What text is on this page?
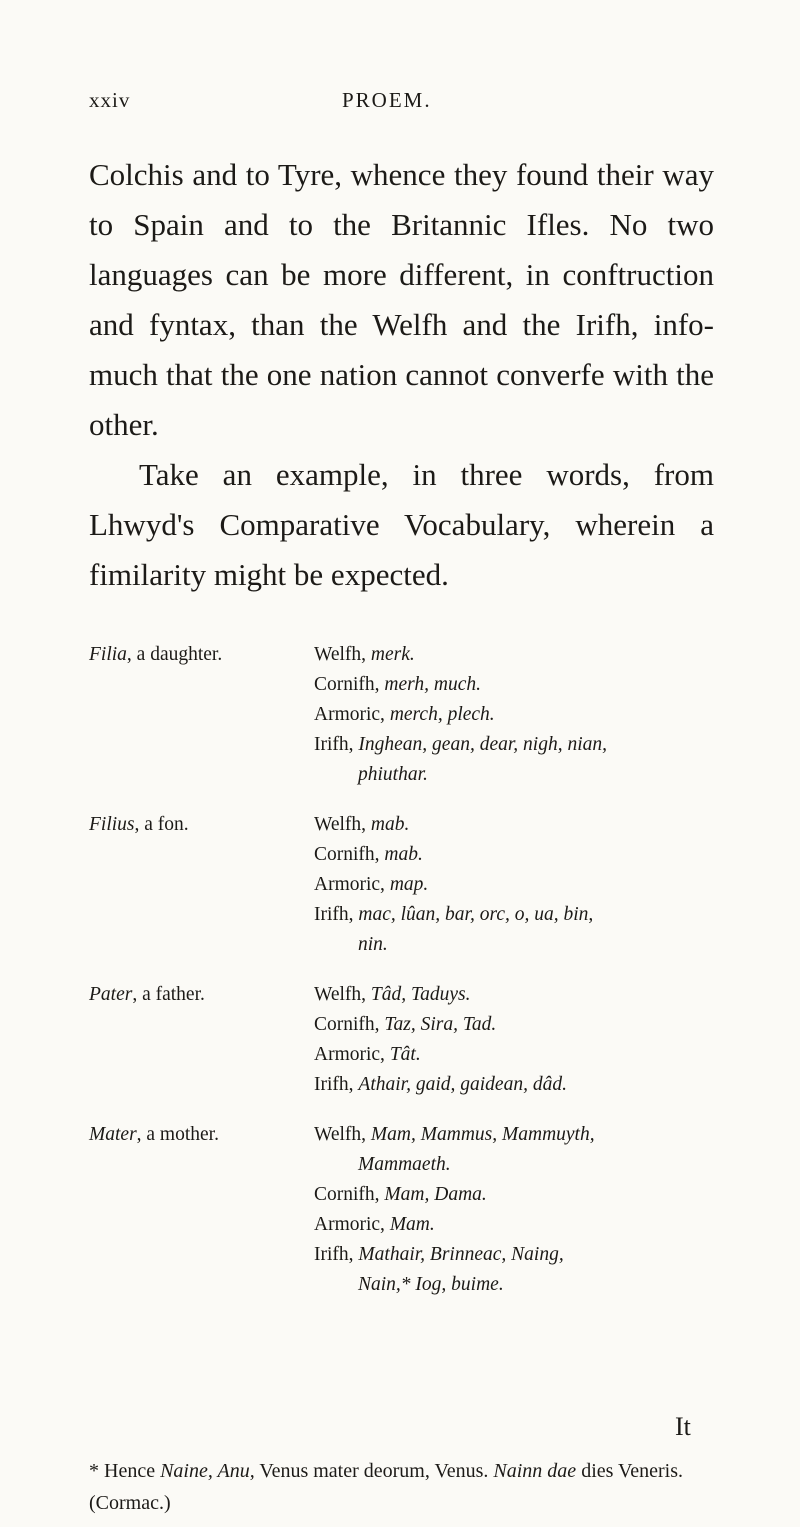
xxiv	PROEM.

Colchis and to Tyre, whence they found their way to Spain and to the Britannic Ifles. No two languages can be more different, in conftruction and fyntax, than the Welfh and the Irifh, info- much that the one nation cannot converfe with the other.

Take an example, in three words, from Lhwyd's Comparative Vocabulary, wherein a fimilarity might be expected.

Filia, a daughter.	Welfh, merk.
Cornifh, merh, much.
Armoric, merch, plech.
Irifh, Inghean, gean, dear, nigh, nian,
phiuthar.
Filius, a fon.	Welfh, mab.
Cornifh, mab.
Armoric, map.
Irifh, mac, lûan, bar, orc, o, ua, bin,
nin.
Pater, a father.	Welfh, Tâd, Taduys.
Cornifh, Taz, Sira, Tad.
Armoric, Tât.
Irifh, Athair, gaid, gaidean, dâd.
Mater, a mother.	Welfh, Mam, Mammus, Mammuyth,
Mammaeth.
Cornifh, Mam, Dama.
Armoric, Mam.
Irifh, Mathair, Brinneac, Naing,
Nain,* Iog, buime.
It
* Hence Naine, Anu, Venus mater deorum, Venus. Nainn dae dies Veneris. (Cormac.)
